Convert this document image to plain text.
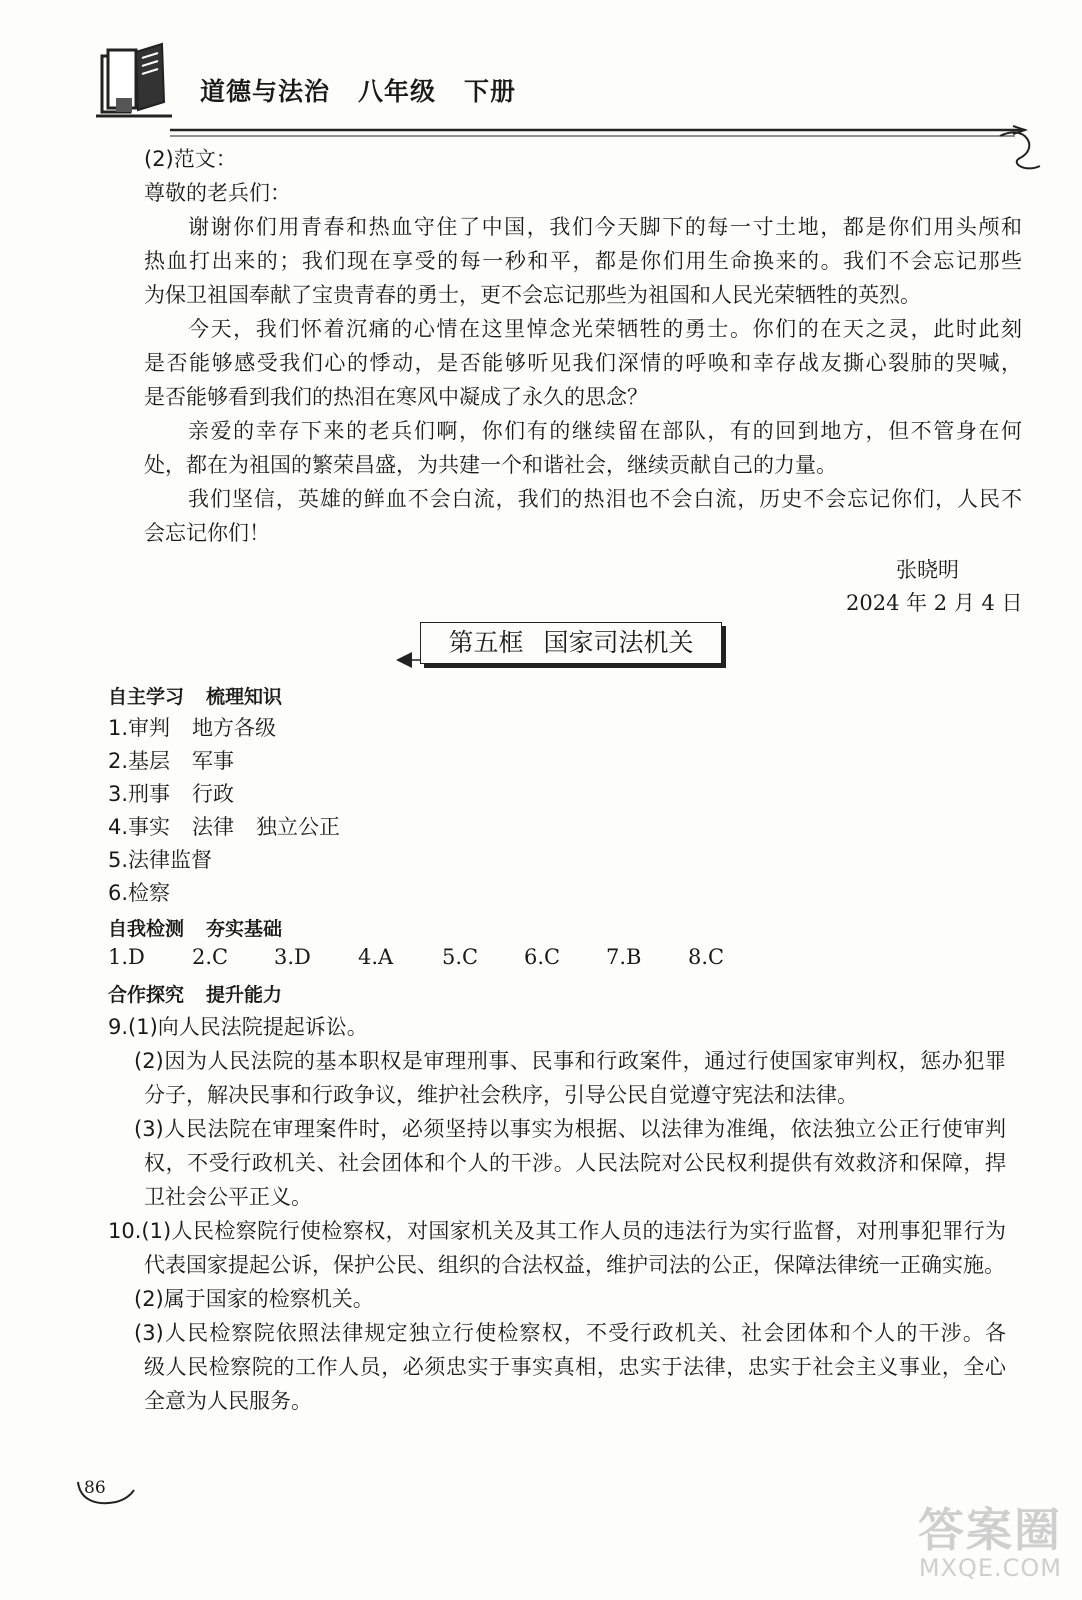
道德与法治 八年级 下册
(2)范文：
尊敬的老兵们：
谢谢你们用青春和热血守住了中国，我们今天脚下的每一寸土地，都是你们用头颅和
热血打出来的；我们现在享受的每一秒和平，都是你们用生命换来的。我们不会忘记那些
为保卫祖国奉献了宝贵青春的勇士，更不会忘记那些为祖国和人民光荣牺牲的英烈。
今天，我们怀着沉痛的心情在这里悼念光荣牺牲的勇士。你们的在天之灵，此时此刻
是否能够感受我们心的悸动，是否能够听见我们深情的呼唤和幸存战友撕心裂肺的哭喊，
是否能够看到我们的热泪在寒风中凝成了永久的思念？
亲爱的幸存下来的老兵们啊，你们有的继续留在部队，有的回到地方，但不管身在何
处，都在为祖国的繁荣昌盛，为共建一个和谐社会，继续贡献自己的力量。
我们坚信，英雄的鲜血不会白流，我们的热泪也不会白流，历史不会忘记你们，人民不
会忘记你们！
张晓明
2024 年 2 月 4 日
第五框 国家司法机关
自主学习 梳理知识
1.审判 地方各级
2.基层 军事
3.刑事 行政
4.事实 法律 独立公正
5.法律监督
6.检察
自我检测 夯实基础
1.D 2.C 3.D 4.A 5.C 6.C 7.B 8.C
合作探究 提升能力
9.(1)向人民法院提起诉讼。
(2)因为人民法院的基本职权是审理刑事、民事和行政案件，通过行使国家审判权，惩办犯罪
分子，解决民事和行政争议，维护社会秩序，引导公民自觉遵守宪法和法律。
(3)人民法院在审理案件时，必须坚持以事实为根据、以法律为准绳，依法独立公正行使审判
权，不受行政机关、社会团体和个人的干涉。人民法院对公民权利提供有效救济和保障，捍
卫社会公平正义。
10.(1)人民检察院行使检察权，对国家机关及其工作人员的违法行为实行监督，对刑事犯罪行为
代表国家提起公诉，保护公民、组织的合法权益，维护司法的公正，保障法律统一正确实施。
(2)属于国家的检察机关。
(3)人民检察院依照法律规定独立行使检察权，不受行政机关、社会团体和个人的干涉。各
级人民检察院的工作人员，必须忠实于事实真相，忠实于法律，忠实于社会主义事业，全心
全意为人民服务。
86
答案圈
MXQE.COM
